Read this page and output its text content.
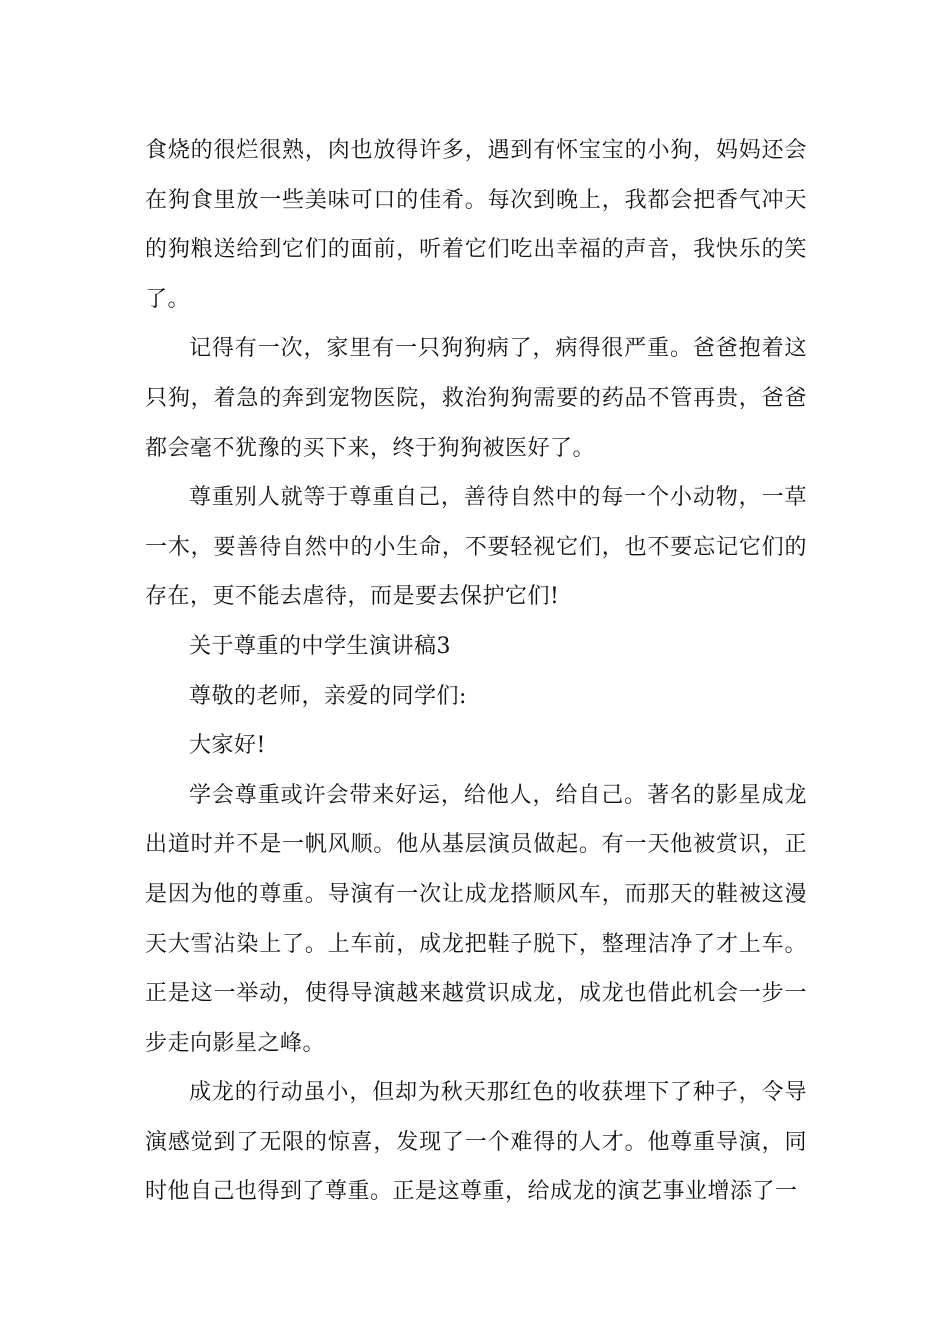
食烧的很烂很熟，肉也放得许多，遇到有怀宝宝的小狗，妈妈还会在狗食里放一些美味可口的佳肴。每次到晚上，我都会把香气冲天的狗粮送给到它们的面前，听着它们吃出幸福的声音，我快乐的笑了。

记得有一次，家里有一只狗狗病了，病得很严重。爸爸抱着这只狗，着急的奔到宠物医院，救治狗狗需要的药品不管再贵，爸爸都会毫不犹豫的买下来，终于狗狗被医好了。

尊重别人就等于尊重自己，善待自然中的每一个小动物，一草一木，要善待自然中的小生命，不要轻视它们，也不要忘记它们的存在，更不能去虐待，而是要去保护它们!

关于尊重的中学生演讲稿3

尊敬的老师，亲爱的同学们:

大家好!

学会尊重或许会带来好运，给他人，给自己。著名的影星成龙出道时并不是一帆风顺。他从基层演员做起。有一天他被赏识，正是因为他的尊重。导演有一次让成龙搭顺风车，而那天的鞋被这漫天大雪沾染上了。上车前，成龙把鞋子脱下，整理洁净了才上车。正是这一举动，使得导演越来越赏识成龙，成龙也借此机会一步一步走向影星之峰。

成龙的行动虽小，但却为秋天那红色的收获埋下了种子，令导演感觉到了无限的惊喜，发现了一个难得的人才。他尊重导演，同时他自己也得到了尊重。正是这尊重，给成龙的演艺事业增添了一
